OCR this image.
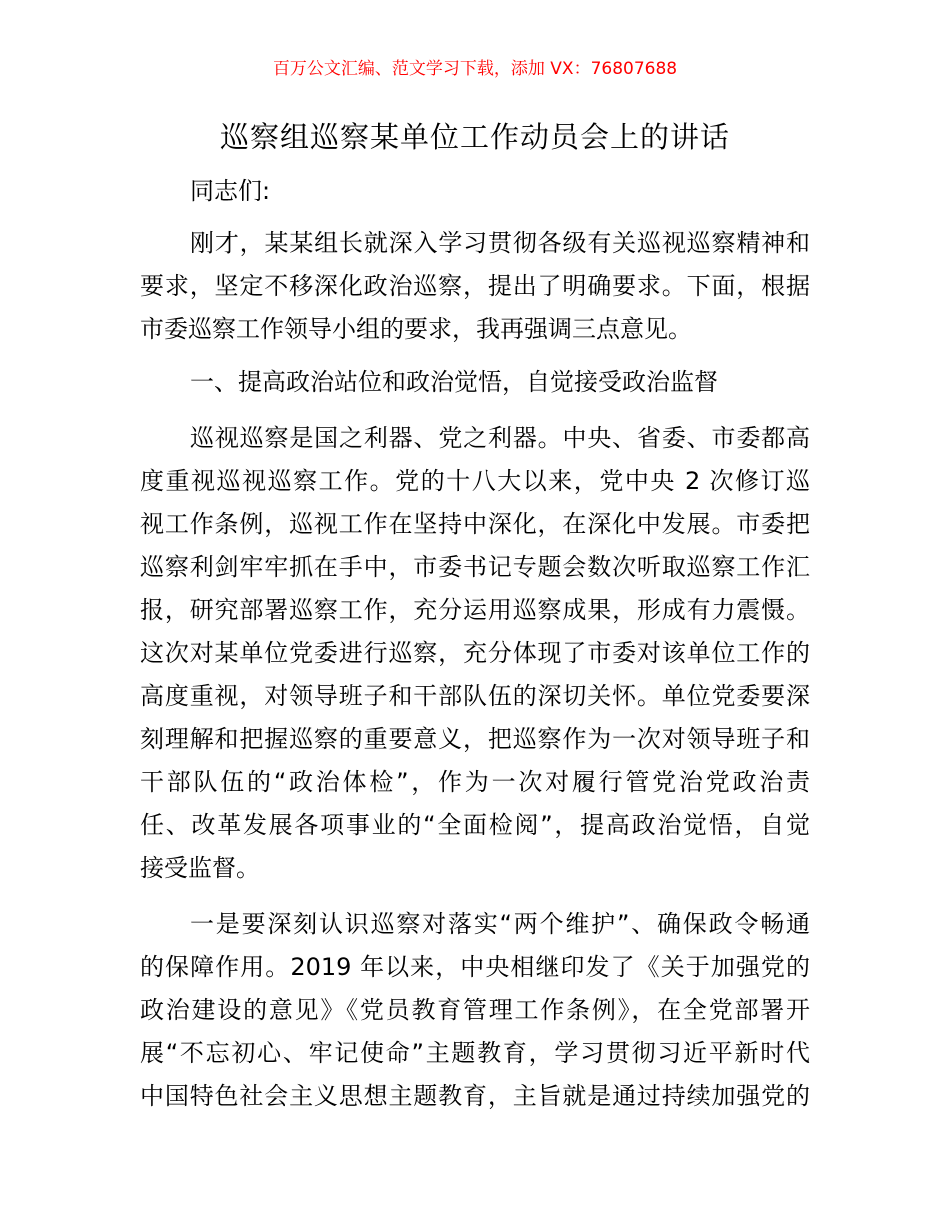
百万公文汇编、范文学习下载，添加 VX：76807688
巡察组巡察某单位工作动员会上的讲话
同志们:
刚才，某某组长就深入学习贯彻各级有关巡视巡察精神和
要求，坚定不移深化政治巡察，提出了明确要求。下面，根据
市委巡察工作领导小组的要求，我再强调三点意见。
一、提高政治站位和政治觉悟，自觉接受政治监督
巡视巡察是国之利器、党之利器。中央、省委、市委都高
度重视巡视巡察工作。党的十八大以来，党中央 2 次修订巡
视工作条例，巡视工作在坚持中深化，在深化中发展。市委把
巡察利剑牢牢抓在手中，市委书记专题会数次听取巡察工作汇
报，研究部署巡察工作，充分运用巡察成果，形成有力震慑。
这次对某单位党委进行巡察，充分体现了市委对该单位工作的
高度重视，对领导班子和干部队伍的深切关怀。单位党委要深
刻理解和把握巡察的重要意义，把巡察作为一次对领导班子和
干部队伍的“政治体检”，作为一次对履行管党治党政治责
任、改革发展各项事业的“全面检阅”，提高政治觉悟，自觉
接受监督。
一是要深刻认识巡察对落实“两个维护”、确保政令畅通
的保障作用。2019 年以来，中央相继印发了《关于加强党的
政治建设的意见》《党员教育管理工作条例》，在全党部署开
展“不忘初心、牢记使命”主题教育，学习贯彻习近平新时代
中国特色社会主义思想主题教育，主旨就是通过持续加强党的
